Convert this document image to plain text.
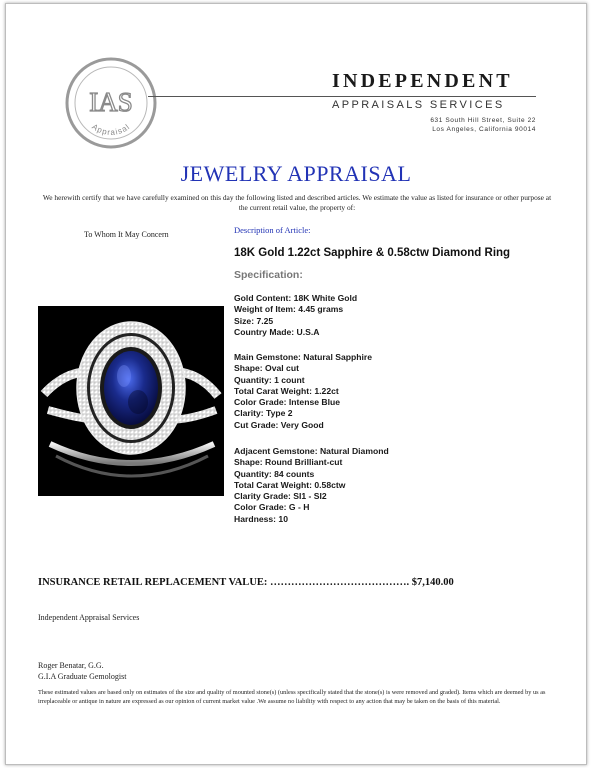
IAS
Appraisal
INDEPENDENT
APPRAISALS SERVICES
631 South Hill Street, Suite 22
Los Angeles, California 90014
JEWELRY APPRAISAL
We herewith certify that we have carefully examined on this day the following listed and described articles. We estimate the value as listed for insurance or other purpose at the current retail value, the property of:
To Whom It May Concern	Description of Article:
18K Gold 1.22ct Sapphire & 0.58ctw Diamond Ring
Specification:
Gold Content: 18K White Gold
Weight of Item: 4.45 grams
Size: 7.25
Country Made: U.S.A
Main Gemstone: Natural Sapphire
Shape: Oval cut
Quantity: 1 count
Total Carat Weight: 1.22ct
Color Grade: Intense Blue
Clarity: Type 2
Cut Grade: Very Good
Adjacent Gemstone: Natural Diamond
Shape: Round Brilliant-cut
Quantity: 84 counts
Total Carat Weight: 0.58ctw
Clarity Grade: SI1 - SI2
Color Grade: G - H
Hardness: 10
INSURANCE RETAIL REPLACEMENT VALUE: …………………………………. $7,140.00
Independent Appraisal Services
Roger Benatar, G.G.
G.I.A Graduate Gemologist
These estimated values are based only on estimates of the size and quality of mounted stone(s) (unless specifically stated that the stone(s) is were removed and graded). Items which are deemed by us as irreplaceable or antique in nature are expressed as our opinion of current market value .We assume no liability with respect to any action that may be taken on the basis of this material.
